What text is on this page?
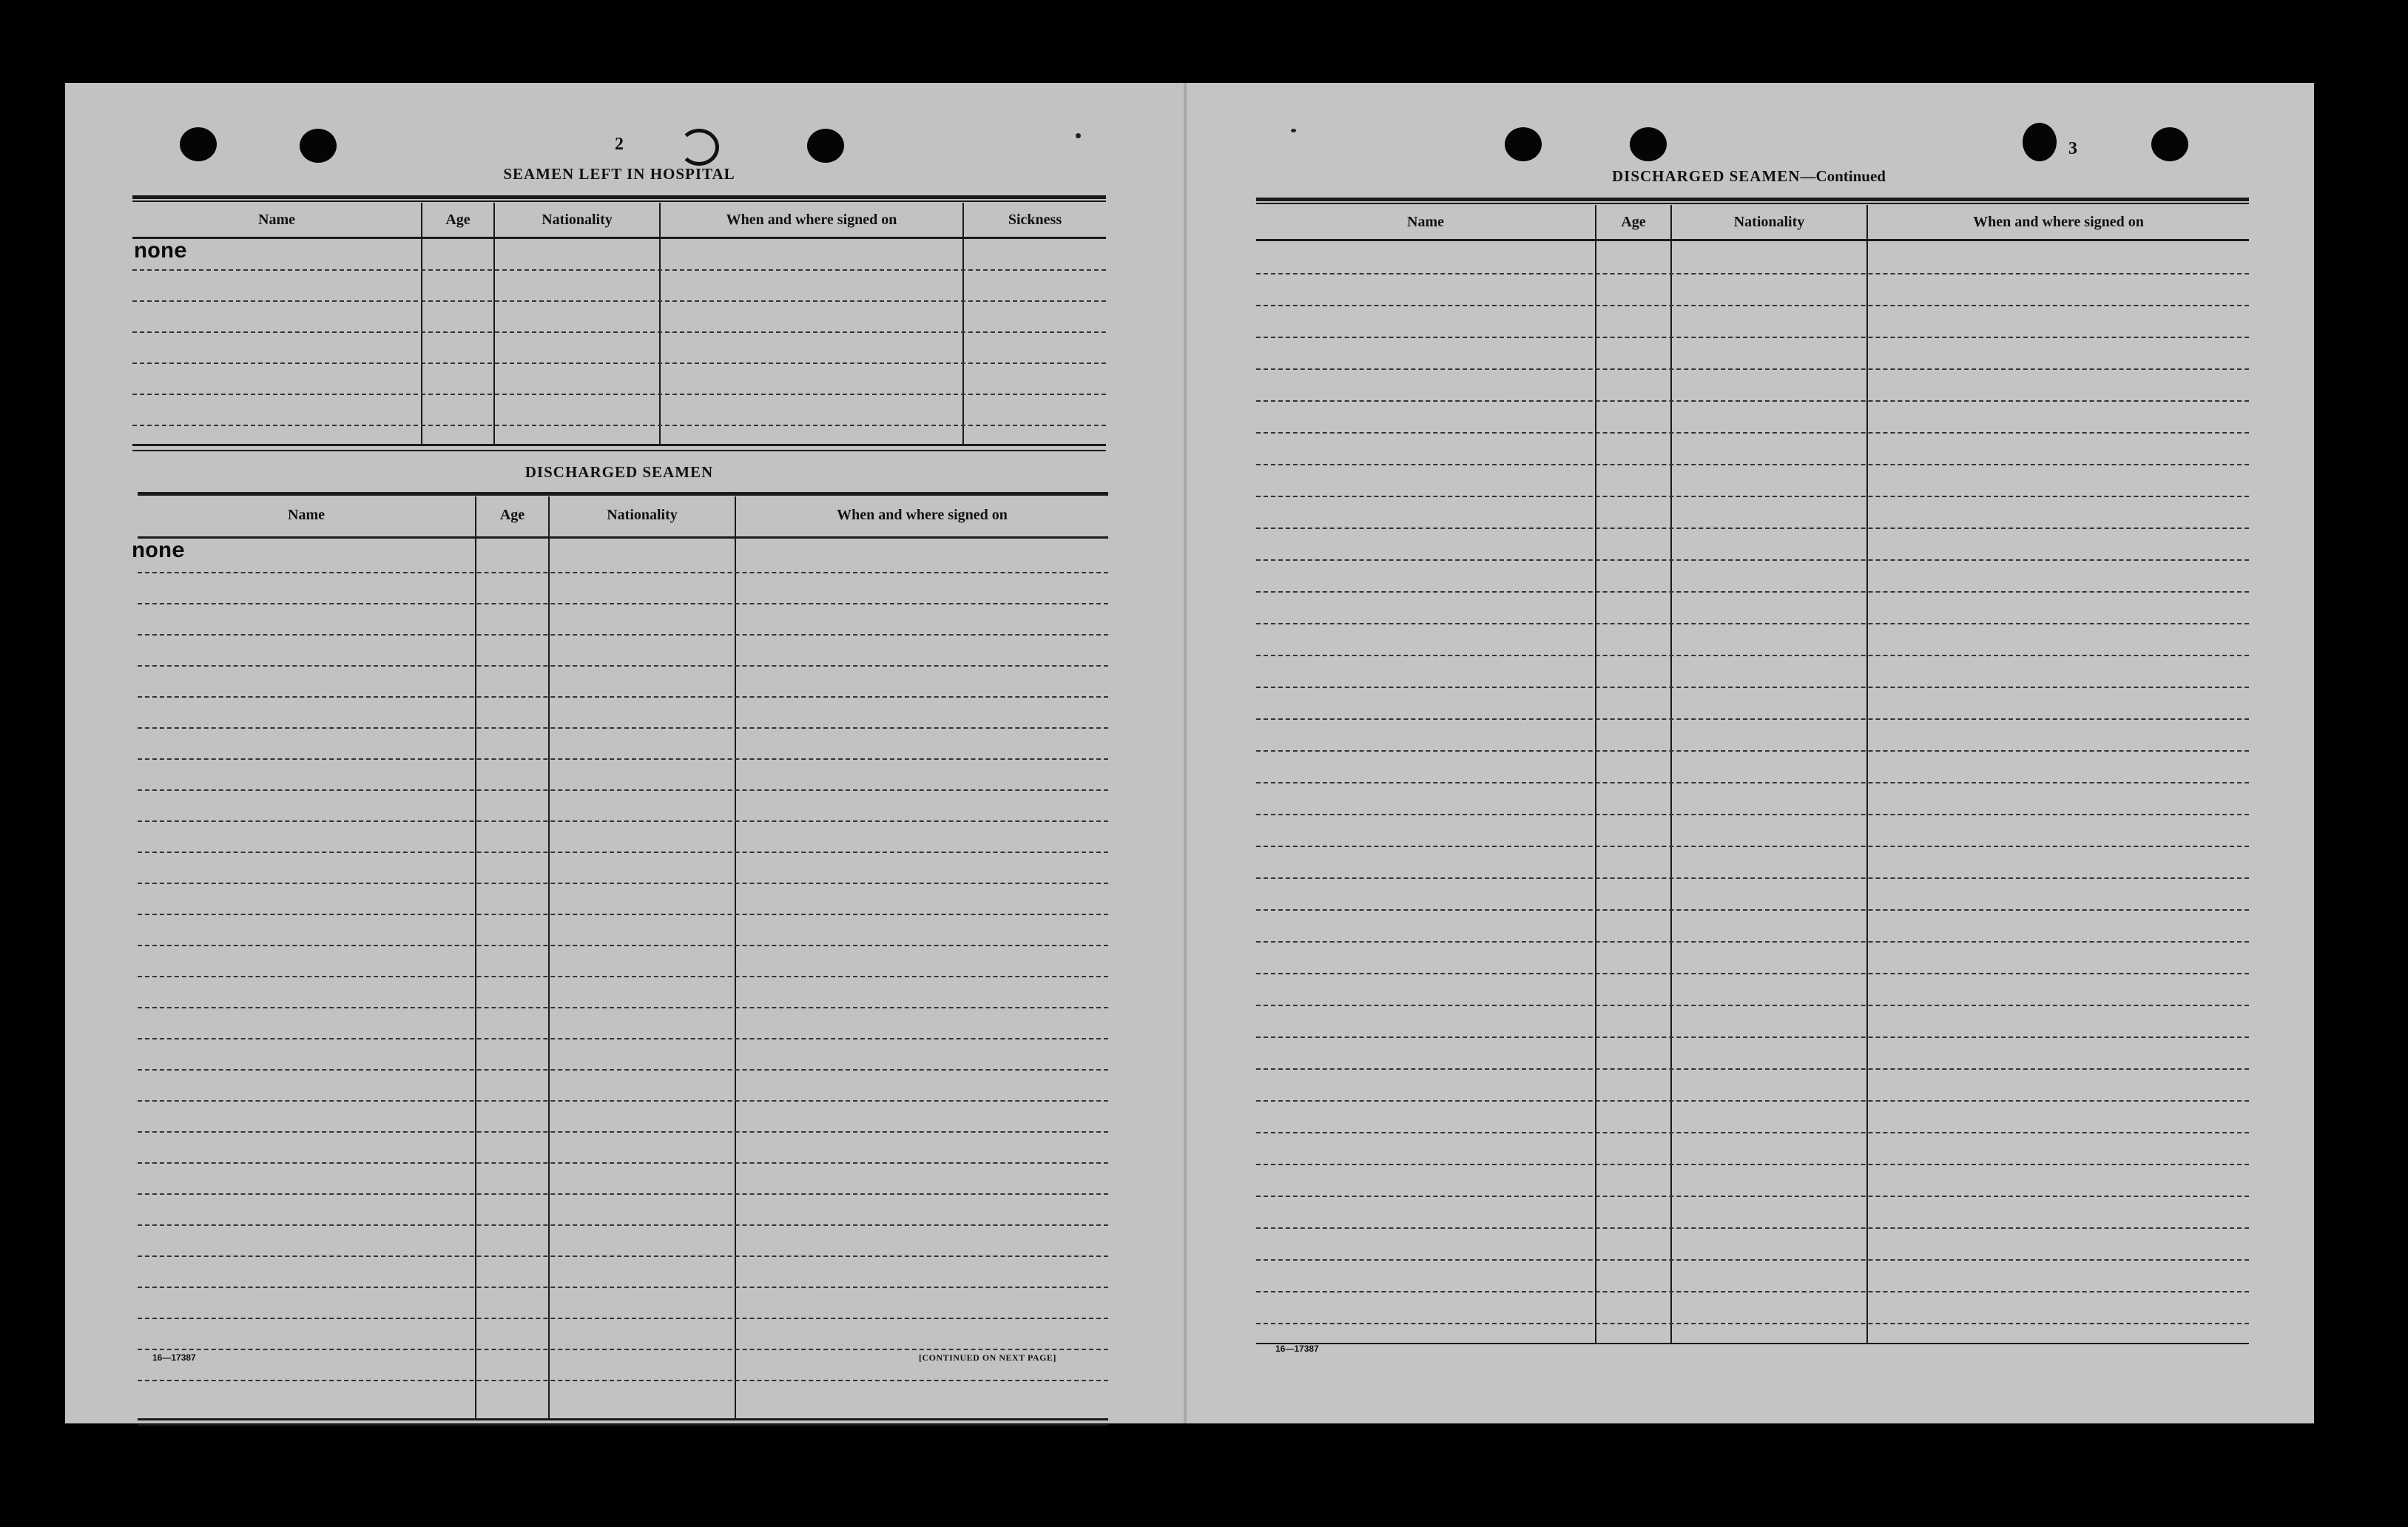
2
SEAMEN LEFT IN HOSPITAL
Name	Age	Nationality	When and where signed on	Sickness
none
DISCHARGED SEAMEN
Name	Age	Nationality	When and where signed on
none
16—17387	[CONTINUED ON NEXT PAGE]
3
DISCHARGED SEAMEN—Continued
Name	Age	Nationality	When and where signed on
16—17387
